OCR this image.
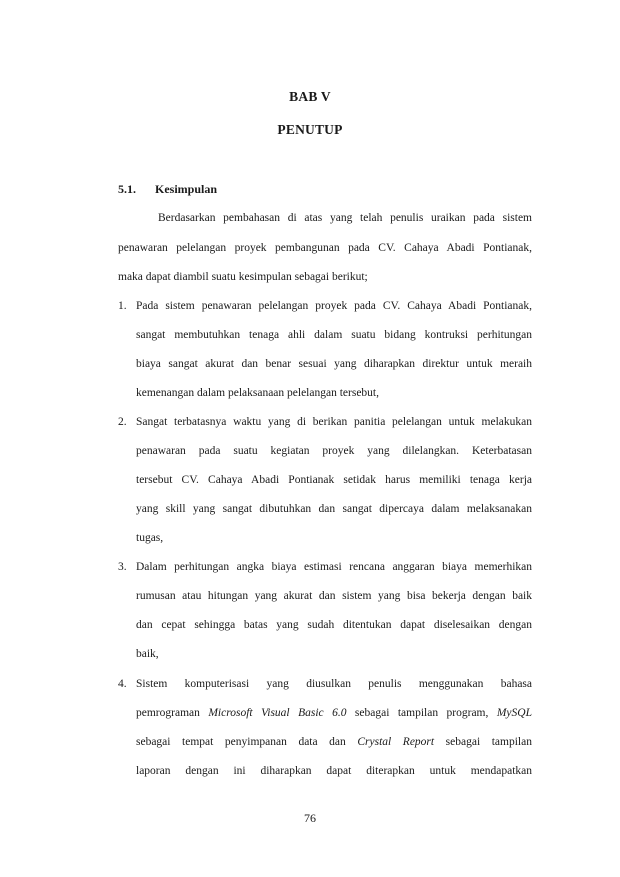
BAB V
PENUTUP
5.1. Kesimpulan
Berdasarkan pembahasan di atas yang telah penulis uraikan pada sistem
penawaran pelelangan proyek pembangunan pada CV. Cahaya Abadi Pontianak,
maka dapat diambil suatu kesimpulan sebagai berikut;
1. Pada sistem penawaran pelelangan proyek pada CV. Cahaya Abadi Pontianak,
sangat membutuhkan tenaga ahli dalam suatu bidang kontruksi perhitungan
biaya sangat akurat dan benar sesuai yang diharapkan direktur untuk meraih
kemenangan dalam pelaksanaan pelelangan tersebut,
2. Sangat terbatasnya waktu yang di berikan panitia pelelangan untuk melakukan
penawaran pada suatu kegiatan proyek yang dilelangkan. Keterbatasan
tersebut CV. Cahaya Abadi Pontianak setidak harus memiliki tenaga kerja
yang skill yang sangat dibutuhkan dan sangat dipercaya dalam melaksanakan
tugas,
3. Dalam perhitungan angka biaya estimasi rencana anggaran biaya memerhikan
rumusan atau hitungan yang akurat dan sistem yang bisa bekerja dengan baik
dan cepat sehingga batas yang sudah ditentukan dapat diselesaikan dengan
baik,
4. Sistem komputerisasi yang diusulkan penulis menggunakan bahasa
pemrograman Microsoft Visual Basic 6.0 sebagai tampilan program, MySQL
sebagai tempat penyimpanan data dan Crystal Report sebagai tampilan
laporan dengan ini diharapkan dapat diterapkan untuk mendapatkan
76
